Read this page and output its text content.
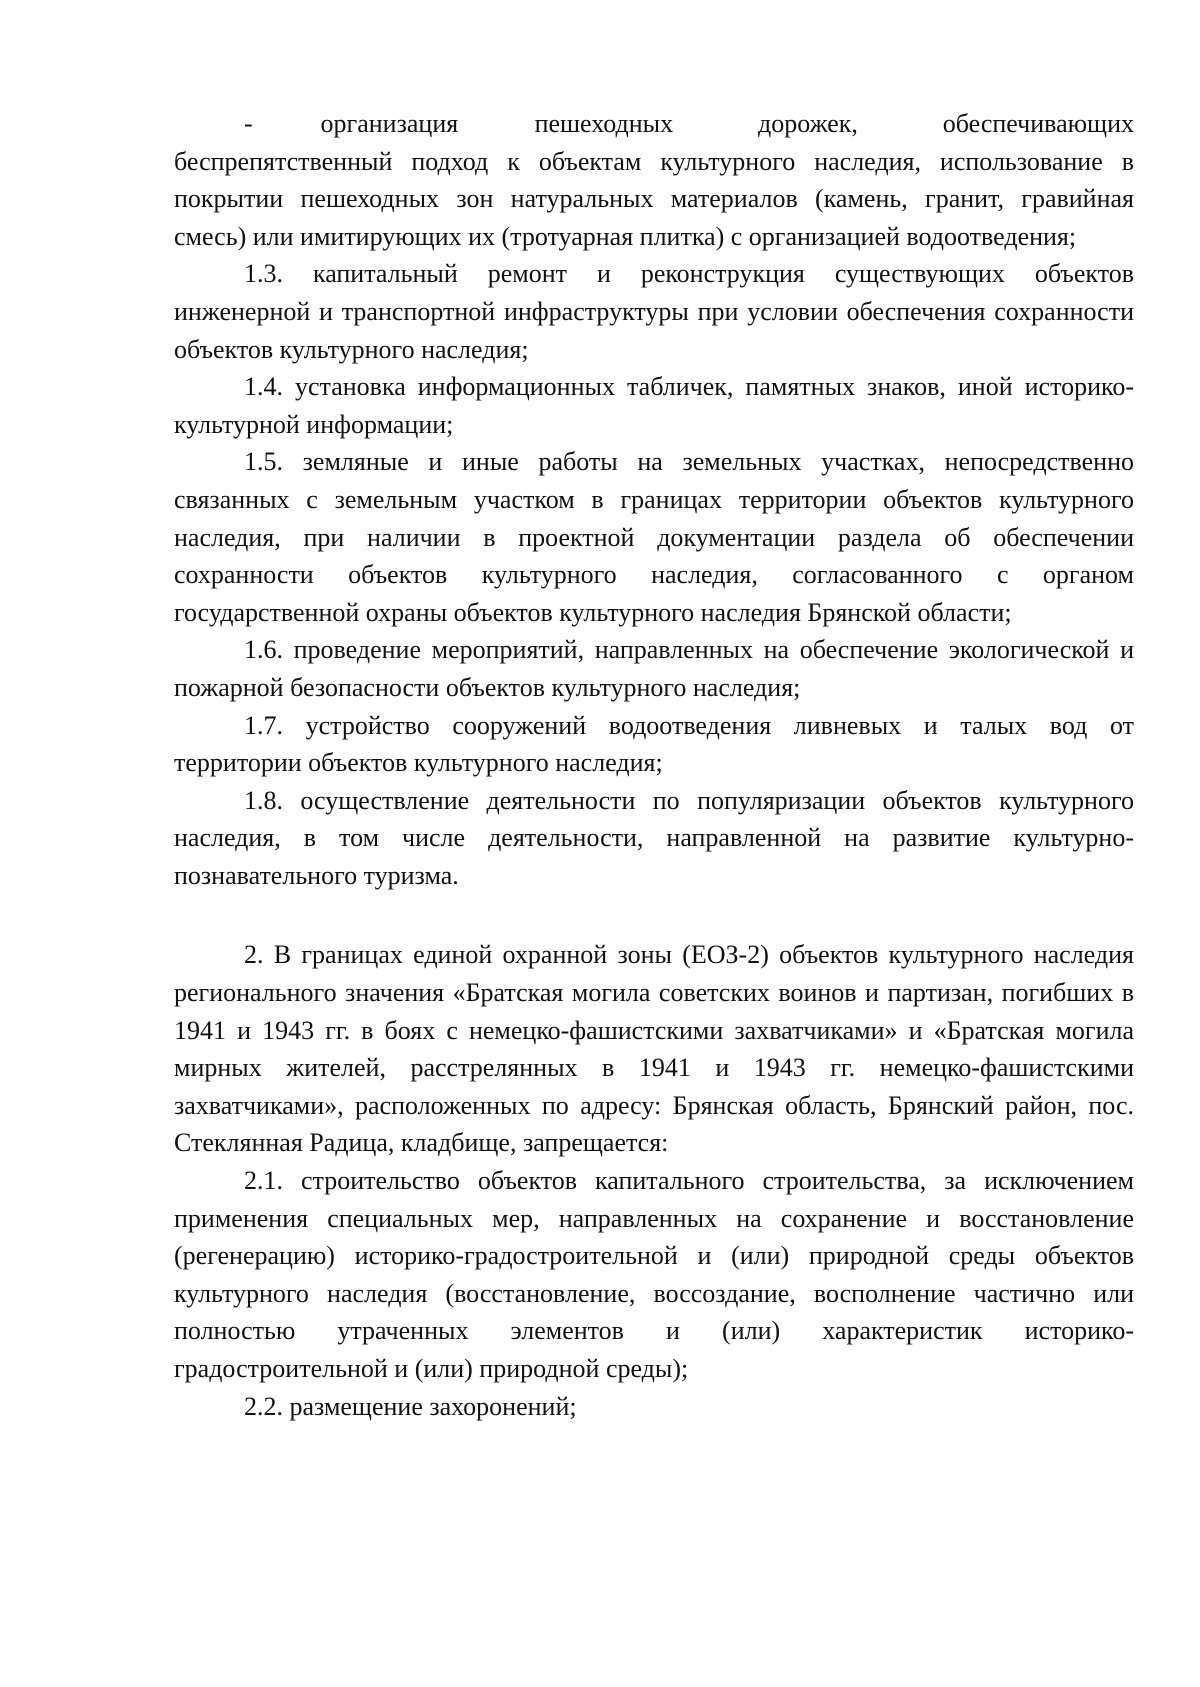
-        организация         пешеходных          дорожек,          обеспечивающих беспрепятственный подход к объектам культурного наследия, использование в покрытии пешеходных зон натуральных материалов (камень, гранит, гравийная смесь) или имитирующих их (тротуарная плитка) с организацией водоотведения;

1.3. капитальный ремонт и реконструкция существующих объектов инженерной и транспортной инфраструктуры при условии обеспечения сохранности объектов культурного наследия;

1.4. установка информационных табличек, памятных знаков, иной историко-культурной информации;

1.5. земляные и иные работы на земельных участках, непосредственно связанных с земельным участком в границах территории объектов культурного наследия, при наличии в проектной документации раздела об обеспечении сохранности объектов культурного наследия, согласованного с органом государственной охраны объектов культурного наследия Брянской области;

1.6. проведение мероприятий, направленных на обеспечение экологической и пожарной безопасности объектов культурного наследия;

1.7. устройство сооружений водоотведения ливневых и талых вод от территории объектов культурного наследия;

1.8. осуществление деятельности по популяризации объектов культурного наследия, в том числе деятельности, направленной на развитие культурно-познавательного туризма.

2. В границах единой охранной зоны (ЕОЗ-2) объектов культурного наследия регионального значения «Братская могила советских воинов и партизан, погибших в 1941 и 1943 гг. в боях с немецко-фашистскими захватчиками» и «Братская могила мирных жителей, расстрелянных в 1941 и 1943 гг. немецко-фашистскими захватчиками», расположенных по адресу: Брянская область, Брянский район, пос. Стеклянная Радица, кладбище, запрещается:

2.1. строительство объектов капитального строительства, за исключением применения специальных мер, направленных на сохранение и восстановление (регенерацию) историко-градостроительной и (или) природной среды объектов культурного наследия (восстановление, воссоздание, восполнение частично или полностью утраченных элементов и (или) характеристик историко-градостроительной и (или) природной среды);

2.2. размещение захоронений;
